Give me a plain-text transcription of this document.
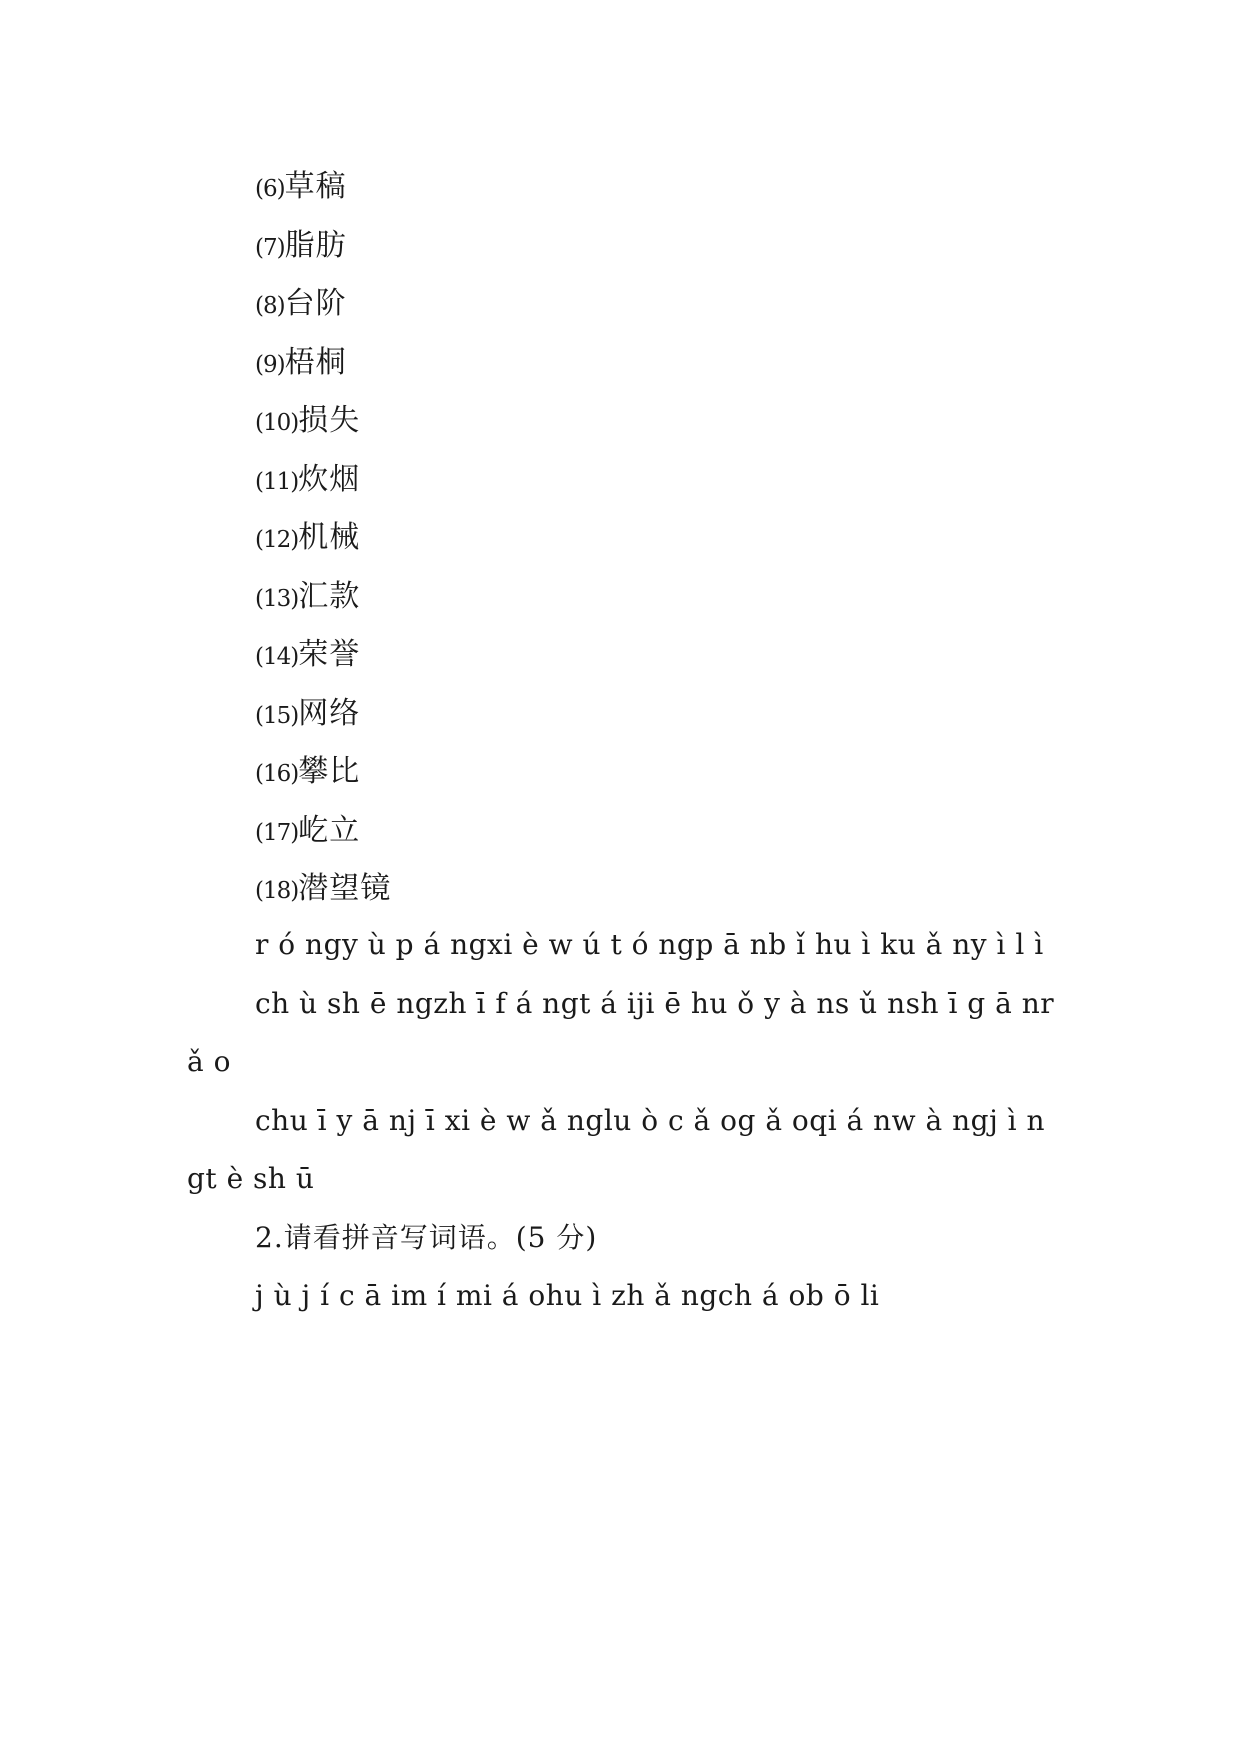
(6)草稿
(7)脂肪
(8)台阶
(9)梧桐
(10)损失
(11)炊烟
(12)机械
(13)汇款
(14)荣誉
(15)网络
(16)攀比
(17)屹立
(18)潜望镜

r ó ngy ù p á ngxi è w ú t ó ngp ā nb ǐ hu ì ku ǎ ny ì l ì

ch ù sh ē ngzh ī f á ngt á iji ē hu ǒ y à ns ǔ nsh ī g ā nr ǎ o

chu ī y ā nj ī xi è w ǎ nglu ò c ǎ og ǎ oqi á nw à ngj ì ngt è sh ū

2.请看拼音写词语。(5 分)

j ù j í c ā im í mi á ohu ì zh ǎ ngch á ob ō li
